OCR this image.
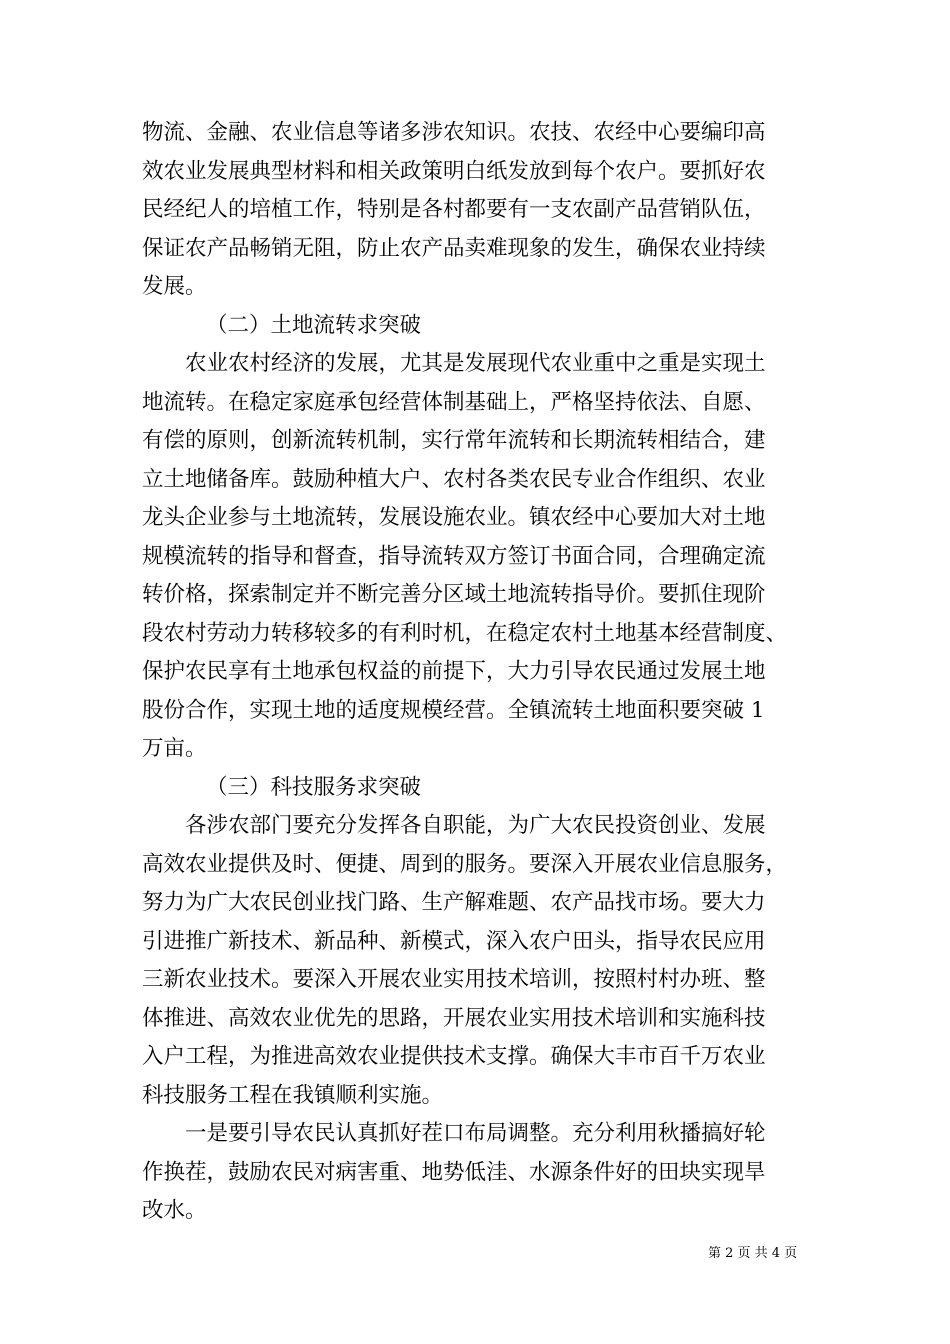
物流、金融、农业信息等诸多涉农知识。农技、农经中心要编印高
效农业发展典型材料和相关政策明白纸发放到每个农户。要抓好农
民经纪人的培植工作，特别是各村都要有一支农副产品营销队伍，
保证农产品畅销无阻，防止农产品卖难现象的发生，确保农业持续
发展。
（二）土地流转求突破
农业农村经济的发展，尤其是发展现代农业重中之重是实现土
地流转。在稳定家庭承包经营体制基础上，严格坚持依法、自愿、
有偿的原则，创新流转机制，实行常年流转和长期流转相结合，建
立土地储备库。鼓励种植大户、农村各类农民专业合作组织、农业
龙头企业参与土地流转，发展设施农业。镇农经中心要加大对土地
规模流转的指导和督查，指导流转双方签订书面合同，合理确定流
转价格，探索制定并不断完善分区域土地流转指导价。要抓住现阶
段农村劳动力转移较多的有利时机，在稳定农村土地基本经营制度、
保护农民享有土地承包权益的前提下，大力引导农民通过发展土地
股份合作，实现土地的适度规模经营。全镇流转土地面积要突破 1
万亩。
（三）科技服务求突破
各涉农部门要充分发挥各自职能，为广大农民投资创业、发展
高效农业提供及时、便捷、周到的服务。要深入开展农业信息服务，
努力为广大农民创业找门路、生产解难题、农产品找市场。要大力
引进推广新技术、新品种、新模式，深入农户田头，指导农民应用
三新农业技术。要深入开展农业实用技术培训，按照村村办班、整
体推进、高效农业优先的思路，开展农业实用技术培训和实施科技
入户工程，为推进高效农业提供技术支撑。确保大丰市百千万农业
科技服务工程在我镇顺利实施。
一是要引导农民认真抓好茬口布局调整。充分利用秋播搞好轮
作换茬，鼓励农民对病害重、地势低洼、水源条件好的田块实现旱
改水。
第 2 页 共 4 页
